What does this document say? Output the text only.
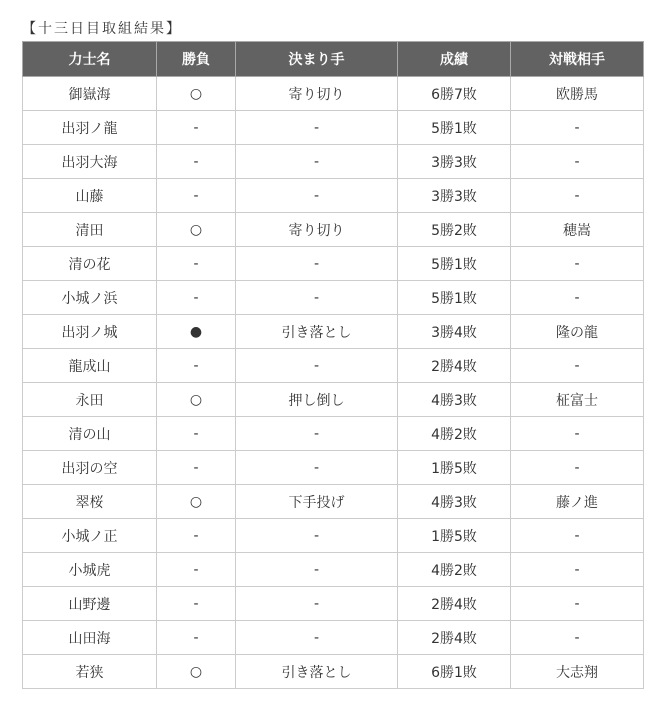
【十三日目取組結果】
力士名	勝負	決まり手	成績	対戦相手
御嶽海	○	寄り切り	6勝7敗	欧勝馬
出羽ノ龍	-	-	5勝1敗	-
出羽大海	-	-	3勝3敗	-
山藤	-	-	3勝3敗	-
清田	○	寄り切り	5勝2敗	穂嵩
清の花	-	-	5勝1敗	-
小城ノ浜	-	-	5勝1敗	-
出羽ノ城	●	引き落とし	3勝4敗	隆の龍
龍成山	-	-	2勝4敗	-
永田	○	押し倒し	4勝3敗	柾富士
清の山	-	-	4勝2敗	-
出羽の空	-	-	1勝5敗	-
翠桜	○	下手投げ	4勝3敗	藤ノ進
小城ノ正	-	-	1勝5敗	-
小城虎	-	-	4勝2敗	-
山野邊	-	-	2勝4敗	-
山田海	-	-	2勝4敗	-
若狭	○	引き落とし	6勝1敗	大志翔
